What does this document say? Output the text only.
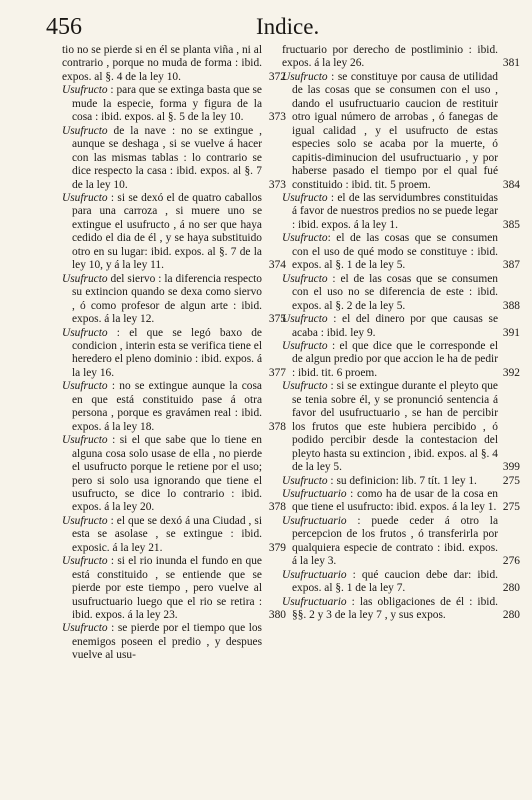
456	Indice.

tio no se pierde si en él se planta viña , ni al contrario , porque no muda de forma : ibid. expos. al §. 4 de la ley 10.	372

Usufructo : para que se extinga basta que se mude la especie, forma y figura de la cosa : ibid. expos. al §. 5 de la ley 10. 373

Usufructo de la nave : no se extingue , aunque se deshaga , si se vuelve á hacer con las mismas tablas : lo contrario se dice respecto la casa : ibid. expos. al §. 7 de la ley 10.	373

Usufructo : si se dexó el de quatro caballos para una carroza , si muere uno se extingue el usufructo , á no ser que haya cedido el dia de él , y se haya substituido otro en su lugar: ibid. expos. al §. 7 de la ley 10, y á la ley 11.	374

Usufructo del siervo : la diferencia respecto su extincion quando se dexa como siervo , ó como profesor de algun arte : ibid. expos. á la ley 12.	375

Usufructo : el que se legó baxo de condicion , interin esta se verifica tiene el heredero el pleno dominio : ibid. expos. á la ley 16.	377

Usufructo : no se extingue aunque la cosa en que está constituido pase á otra persona , porque es gravámen real : ibid. expos. á la ley 18.	378

Usufructo : si el que sabe que lo tiene en alguna cosa solo usase de ella , no pierde el usufructo porque le retiene por el uso; pero si solo usa ignorando que tiene el usufructo, se dice lo contrario : ibid. expos. á la ley 20.	378

Usufructo : el que se dexó á una Ciudad , si esta se asolase , se extingue : ibid. exposic. á la ley 21.	379

Usufructo : si el rio inunda el fundo en que está constituido , se entiende que se pierde por este tiempo , pero vuelve al usufructuario luego que el rio se retira : ibid. expos. á la ley 23.	380

Usufructo : se pierde por el tiempo que los enemigos poseen el predio , y despues vuelve al usu-

fructuario por derecho de postliminio : ibid. expos. á la ley 26.	381

Usufructo : se constituye por causa de utilidad de las cosas que se consumen con el uso , dando el usufructuario caucion de restituir otro igual número de arrobas , ó fanegas de igual calidad , y el usufructo de estas especies solo se acaba por la muerte, ó capitis-diminucion del usufructuario , y por haberse pasado el tiempo por el qual fué constituido : ibid. tit. 5 proem.	384

Usufructo : el de las servidumbres constituidas á favor de nuestros predios no se puede legar : ibid. expos. á la ley 1.	385

Usufructo: el de las cosas que se consumen con el uso de qué modo se constituye : ibid. expos. al §. 1 de la ley 5.	387

Usufructo : el de las cosas que se consumen con el uso no se diferencia de este : ibid. expos. al §. 2 de la ley 5.	388

Usufructo : el del dinero por que causas se acaba : ibid. ley 9.	391

Usufructo : el que dice que le corresponde el de algun predio por que accion le ha de pedir : ibid. tit. 6 proem.	392

Usufructo : si se extingue durante el pleyto que se tenia sobre él, y se pronunció sentencia á favor del usufructuario , se han de percibir los frutos que este hubiera percibido , ó podido percibir desde la contestacion del pleyto hasta su extincion , ibid. expos. al §. 4 de la ley 5.	399

Usufructo : su definicion: lib. 7 tít. 1 ley 1. 275

Usufructuario : como ha de usar de la cosa en que tiene el usufructo: ibid. expos. á la ley 1. 275

Usufructuario : puede ceder á otro la percepcion de los frutos , ó transferirla por qualquiera especie de contrato : ibid. expos. á la ley 3.	276

Usufructuario : qué caucion debe dar: ibid. expos. al §. 1 de la ley 7.	280

Usufructuario : las obligaciones de él : ibid. §§. 2 y 3 de la ley 7 , y sus expos.	280
